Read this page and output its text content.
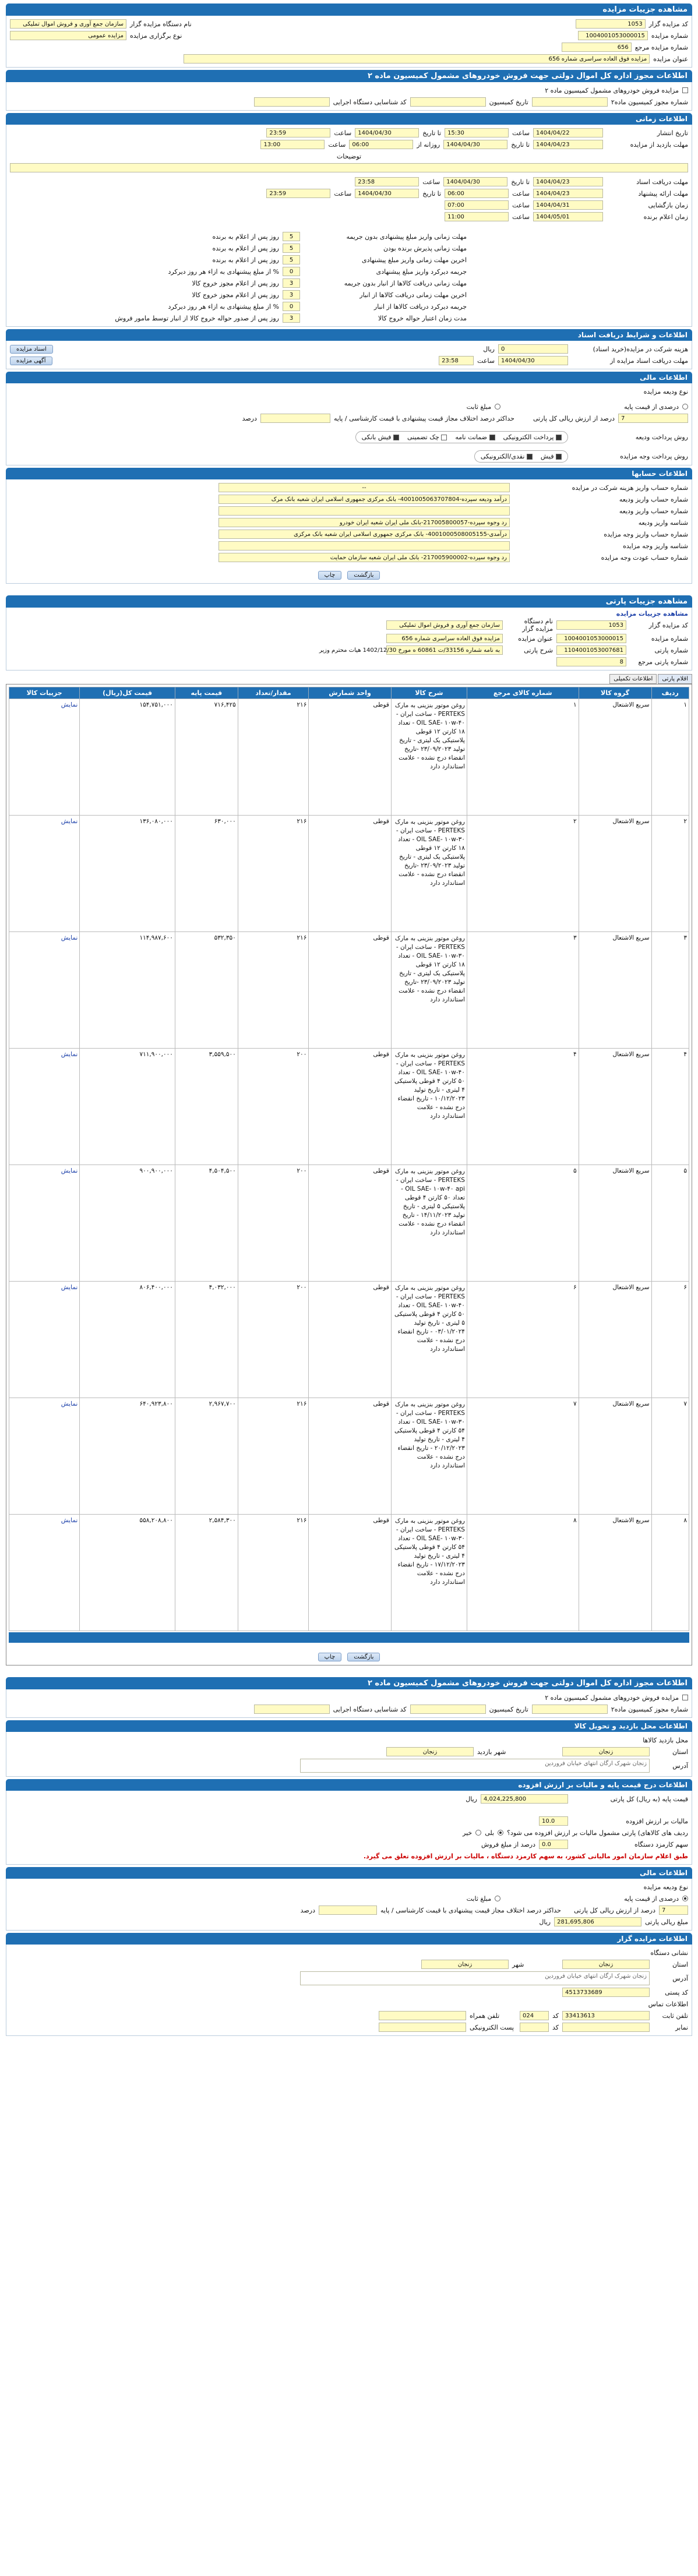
مشاهده جزییات مزایده
کد مزایده گزار
1053
نام دستگاه مزایده گزار
سازمان جمع آوری و فروش اموال تملیکی
شماره مزایده
1004001053000015
نوع برگزاری مزایده
مزایده عمومی
شماره مزایده مرجع
656
عنوان مزایده
مزایده فوق العاده سراسری شماره 656
اطلاعات مجوز اداره کل اموال دولتی جهت فروش خودروهای مشمول کمیسیون ماده ۲
مزایده فروش خودروهای مشمول کمیسیون ماده ۲
شماره مجوز کمیسیون ماده۲
تاریخ کمیسیون
کد شناسایی دستگاه اجرایی
اطلاعات زمانی
تاریخ انتشار
1404/04/22
ساعت
15:30
تا تاریخ
1404/04/30
ساعت
23:59
مهلت بازدید از مزایده
1404/04/23
تا تاریخ
1404/04/30
روزانه از
06:00
ساعت
13:00
توضیحات
مهلت دریافت اسناد
1404/04/23
تا تاریخ
1404/04/30
ساعت
23:58
مهلت ارائه پیشنهاد
1404/04/23
ساعت
06:00
تا تاریخ
1404/04/30
ساعت
23:59
زمان بازگشایی
1404/04/31
ساعت
07:00
زمان اعلام برنده
1404/05/01
ساعت
11:00
مهلت زمانی واریز مبلغ پیشنهادی بدون جریمه
5
روز پس از اعلام به برنده
مهلت زمانی پذیرش برنده بودن
5
روز پس از اعلام به برنده
اخرین مهلت زمانی واریز مبلغ پیشنهادی
5
روز پس از اعلام به برنده
جریمه دیرکرد واریز مبلغ پیشنهادی
0
% از مبلغ پیشنهادی به ازاء هر روز دیرکرد
مهلت زمانی دریافت کالاها از انبار بدون جریمه
3
روز پس از اعلام مجوز خروج کالا
اخرین مهلت زمانی دریافت کالاها از انبار
3
روز پس از اعلام مجوز خروج کالا
جریمه دیرکرد دریافت کالاها از انبار
0
% از مبلغ پیشنهادی به ازاء هر روز دیرکرد
مدت زمان اعتبار حواله خروج کالا
3
روز پس از صدور حواله خروج کالا از انبار توسط مامور فروش
اطلاعات و شرایط دریافت اسناد
هزینه شرکت در مزایده(خرید اسناد)
0
ریال
اسناد مزایده
مهلت دریافت اسناد مزایده از
1404/04/30
ساعت
23:58
آگهی مزایده
اطلاعات مالی
نوع ودیعه مزایده
درصدی از قیمت پایه
مبلغ ثابت
7
درصد از ارزش ریالی کل پارتی
حداکثر درصد اختلاف مجاز قیمت پیشنهادی با قیمت کارشناسی / پایه
درصد
روش پرداخت ودیعه
پرداخت الکترونیکی
ضمانت نامه
چک تضمینی
فیش بانکی
روش پرداخت وجه مزایده
فیش
نقدی/الکترونیکی
اطلاعات حسابها
شماره حساب واریز هزینه شرکت در مزایده
--
شماره حساب واریز ودیعه
درآمد ودیعه سپرده-4001005063707804- بانک مرکزی جمهوری اسلامی ایران شعبه بانک مرک
شماره حساب واریز ودیعه
شناسه واریز ودیعه
رد وجوه سپرده-217005800057-بانک ملی ایران شعبه ایران خودرو
شماره حساب واریز وجه مزایده
درآمدی-4001000508005155- بانک مرکزی جمهوری اسلامی ایران شعبه بانک مرکزی
شناسه واریز وجه مزایده
شماره حساب عودت وجه مزایده
رد وجوه سپرده-217005900002- بانک ملی ایران شعبه سازمان حمایت
بازگشت
چاپ
مشاهده جزییات پارتی
مشاهده جزییات مزایده
کد مزایده گزار
1053
نام دستگاه مزایده گزار
سازمان جمع آوری و فروش اموال تملیکی
شماره مزایده
1004001053000015
عنوان مزایده
مزایده فوق العاده سراسری شماره 656
شماره پارتی
1104001053007681
شرح پارتی
به نامه شماره 33156/ت 60861 ه مورخ 1402/12/30 هیات محترم وزیر
شماره پارتی مرجع
8
اقلام پارتی
اطلاعات تکمیلی
ردیف	گروه کالا	شماره کالای مرجع	شرح کالا	واحد شمارش	مقدار/تعداد	قیمت پایه	قیمت کل(ریال)	جزییات کالا
۱	سریع الاشتعال	۱	روغن موتور بنزینی به مارک PERTEKS - ساخت ایران - OIL SAE- ۱۰w-۴۰ - تعداد ۱۸ کارتن ۱۲ قوطی پلاستیکی یک لیتری - تاریخ تولید ۲۳/۰۹/۲۰۲۳ -تاریخ انقضاء درج نشده - علامت استاندارد دارد	قوطی	۲۱۶	۷۱۶,۴۲۵	۱۵۴,۷۵۱,۰۰۰	نمایش
۲	سریع الاشتعال	۲	روغن موتور بنزینی به مارک PERTEKS - ساخت ایران - OIL SAE- ۱۰w-۳۰ - تعداد ۱۸ کارتن ۱۲ قوطی پلاستیکی یک لیتری - تاریخ تولید ۲۳/۰۹/۲۰۲۳ -تاریخ انقضاء درج نشده - علامت استاندارد دارد	قوطی	۲۱۶	۶۳۰,۰۰۰	۱۳۶,۰۸۰,۰۰۰	نمایش
۳	سریع الاشتعال	۳	روغن موتور بنزینی به مارک PERTEKS - ساخت ایران - OIL SAE- ۱۰w-۳۰ - تعداد ۱۸ کارتن ۱۲ قوطی پلاستیکی یک لیتری - تاریخ تولید ۲۳/۰۹/۲۰۲۳ -تاریخ انقضاء درج نشده - علامت استاندارد دارد	قوطی	۲۱۶	۵۳۲,۳۵۰	۱۱۴,۹۸۷,۶۰۰	نمایش
۴	سریع الاشتعال	۴	روغن موتور بنزینی به مارک PERTEKS - ساخت ایران - OIL SAE- ۱۰w-۴۰ - تعداد ۵۰ کارتن ۴ قوطی پلاستیکی ۴ لیتری - تاریخ تولید ۱۰/۱۲/۲۰۲۳ - تاریخ انقضاء درج نشده - علامت استاندارد دارد	قوطی	۲۰۰	۳,۵۵۹,۵۰۰	۷۱۱,۹۰۰,۰۰۰	نمایش
۵	سریع الاشتعال	۵	روغن موتور بنزینی به مارک PERTEKS - ساخت ایران - OIL SAE- ۱۰w-۴۰ api - تعداد ۵۰ کارتن ۴ قوطی پلاستیکی ۵ لیتری - تاریخ تولید ۱۴/۱۱/۲۰۲۳ - تاریخ انقضاء درج نشده - علامت استاندارد دارد	قوطی	۲۰۰	۴,۵۰۴,۵۰۰	۹۰۰,۹۰۰,۰۰۰	نمایش
۶	سریع الاشتعال	۶	روغن موتور بنزینی به مارک PERTEKS - ساخت ایران - OIL SAE- ۱۰w-۴۰ - تعداد ۵۰ کارتن ۴ قوطی پلاستیکی ۵ لیتری - تاریخ تولید ۰۳/۰۱/۲۰۲۴ - تاریخ انقضاء درج نشده - علامت استاندارد دارد	قوطی	۲۰۰	۴,۰۳۲,۰۰۰	۸۰۶,۴۰۰,۰۰۰	نمایش
۷	سریع الاشتعال	۷	روغن موتور بنزینی به مارک PERTEKS - ساخت ایران - OIL SAE- ۱۰w-۳۰ - تعداد ۵۴ کارتن ۴ قوطی پلاستیکی ۴ لیتری - تاریخ تولید ۲۰/۱۲/۲۰۲۳ - تاریخ انقضاء درج نشده - علامت استاندارد دارد	قوطی	۲۱۶	۲,۹۶۷,۷۰۰	۶۴۰,۹۲۳,۸۰۰	نمایش
۸	سریع الاشتعال	۸	روغن موتور بنزینی به مارک PERTEKS - ساخت ایران - OIL SAE- ۱۰w-۳۰ - تعداد ۵۴ کارتن ۴ قوطی پلاستیکی ۴ لیتری - تاریخ تولید ۱۷/۱۲/۲۰۲۳ - تاریخ انقضاء درج نشده - علامت استاندارد دارد	قوطی	۲۱۶	۲,۵۸۴,۳۰۰	۵۵۸,۲۰۸,۸۰۰	نمایش
بازگشت
چاپ
اطلاعات مجوز اداره کل اموال دولتی جهت فروش خودروهای مشمول کمیسیون ماده ۲
مزایده فروش خودروهای مشمول کمیسیون ماده ۲
شماره مجوز کمیسیون ماده۲
تاریخ کمیسیون
کد شناسایی دستگاه اجرایی
اطلاعات محل بازدید و تحویل کالا
محل بازدید کالاها
استان
زنجان
شهر بازدید
زنجان
آدرس
زنجان شهرک ارگان انتهای خیابان فروردین
اطلاعات درج قیمت پایه و مالیات بر ارزش افزوده
قیمت پایه (به ریال) کل پارتی
4,024,225,800
ریال
مالیات بر ارزش افزوده
10.0
ردیف های کالاهای) پارتی مشمول مالیات بر ارزش افزوده می شود؟
بلی
خیر
سهم کارمزد دستگاه
0.0
درصد از مبلغ فروش
طبق اعلام سازمان امور مالیاتی کشور، به سهم کارمزد دستگاه ، مالیات بر ارزش افزوده تعلق می گیرد.
اطلاعات مالی
نوع ودیعه مزایده
درصدی از قیمت پایه
مبلغ ثابت
7
درصد از ارزش ریالی کل پارتی
حداکثر درصد اختلاف مجاز قیمت پیشنهادی با قیمت کارشناسی / پایه
درصد
مبلغ ریالی پارتی
281,695,806
ریال
اطلاعات مزایده گزار
نشانی دستگاه
استان
زنجان
شهر
زنجان
آدرس
زنجان شهرک ارگان انتهای خیابان فروردین
کد پستی
4513733689
اطلاعات تماس
تلفن ثابت
33413613
کد
024
تلفن همراه
نمابر
کد
پست الکترونیکی
